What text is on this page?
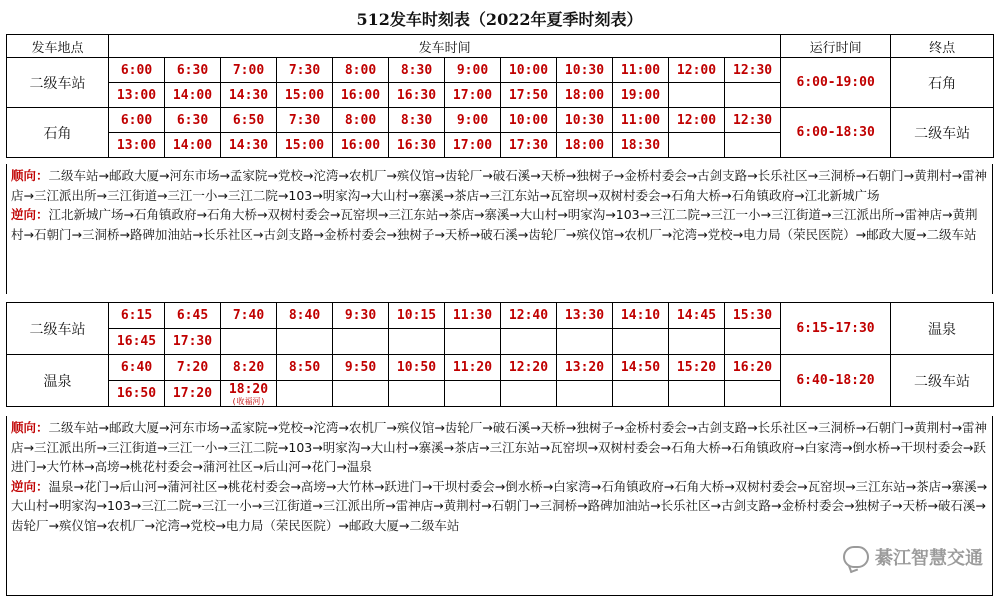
512发车时刻表（2022年夏季时刻表）
发车地点	发车时间												运行时间	终点
二级车站	6:00	6:30	7:00	7:30	8:00	8:30	9:00	10:00	10:30	11:00	12:00	12:30	6:00-19:00	石角
	13:00	14:00	14:30	15:00	16:00	16:30	17:00	17:50	18:00	19:00				
石角	6:00	6:30	6:50	7:30	8:00	8:30	9:00	10:00	10:30	11:00	12:00	12:30	6:00-18:30	二级车站
	13:00	14:00	14:30	15:00	16:00	16:30	17:00	17:30	18:00	18:30				
顺向：二级车站→邮政大厦→河东市场→孟家院→党校→沱湾→农机厂→殡仪馆→齿轮厂→破石溪→天桥→独树子→金桥村委会→古剑支路→长乐社区→三洞桥→石朝门→黄荆村→雷神店→三江派出所→三江街道→三江一小→三江二院→103→明家沟→大山村→寨溪→茶店→三江东站→瓦窑坝→双树村委会→石角大桥→石角镇政府→江北新城广场
逆向：江北新城广场→石角镇政府→石角大桥→双树村委会→瓦窑坝→三江东站→茶店→寨溪→大山村→明家沟→103→三江二院→三江一小→三江街道→三江派出所→雷神店→黄荆村→石朝门→三洞桥→路碑加油站→长乐社区→古剑支路→金桥村委会→独树子→天桥→破石溪→齿轮厂→殡仪馆→农机厂→沱湾→党校→电力局（荣民医院）→邮政大厦→二级车站
二级车站	6:15	6:45	7:40	8:40	9:30	10:15	11:30	12:40	13:30	14:10	14:45	15:30	6:15-17:30	温泉
	16:45	17:30												
温泉	6:40	7:20	8:20	8:50	9:50	10:50	11:20	12:20	13:20	14:50	15:20	16:20	6:40-18:20	二级车站
	16:50	17:20	18:20
(收福河)											

顺向：二级车站→邮政大厦→河东市场→孟家院→党校→沱湾→农机厂→殡仪馆→齿轮厂→破石溪→天桥→独树子→金桥村委会→古剑支路→长乐社区→三洞桥→石朝门→黄荆村→雷神店→三江派出所→三江街道→三江一小→三江二院→103→明家沟→大山村→寨溪→茶店→三江东站→瓦窑坝→双树村委会→石角大桥→石角镇政府→白家湾→倒水桥→干坝村委会→跃进门→大竹林→高塝→桃花村委会→蒲河社区→后山河→花门→温泉
逆向：温泉→花门→后山河→蒲河社区→桃花村委会→高塝→大竹林→跃进门→干坝村委会→倒水桥→白家湾→石角镇政府→石角大桥→双树村委会→瓦窑坝→三江东站→茶店→寨溪→大山村→明家沟→103→三江二院→三江一小→三江街道→三江派出所→雷神店→黄荆村→石朝门→三洞桥→路碑加油站→长乐社区→古剑支路→金桥村委会→独树子→天桥→破石溪→齿轮厂→殡仪馆→农机厂→沱湾→党校→电力局（荣民医院）→邮政大厦→二级车站
綦江智慧交通
